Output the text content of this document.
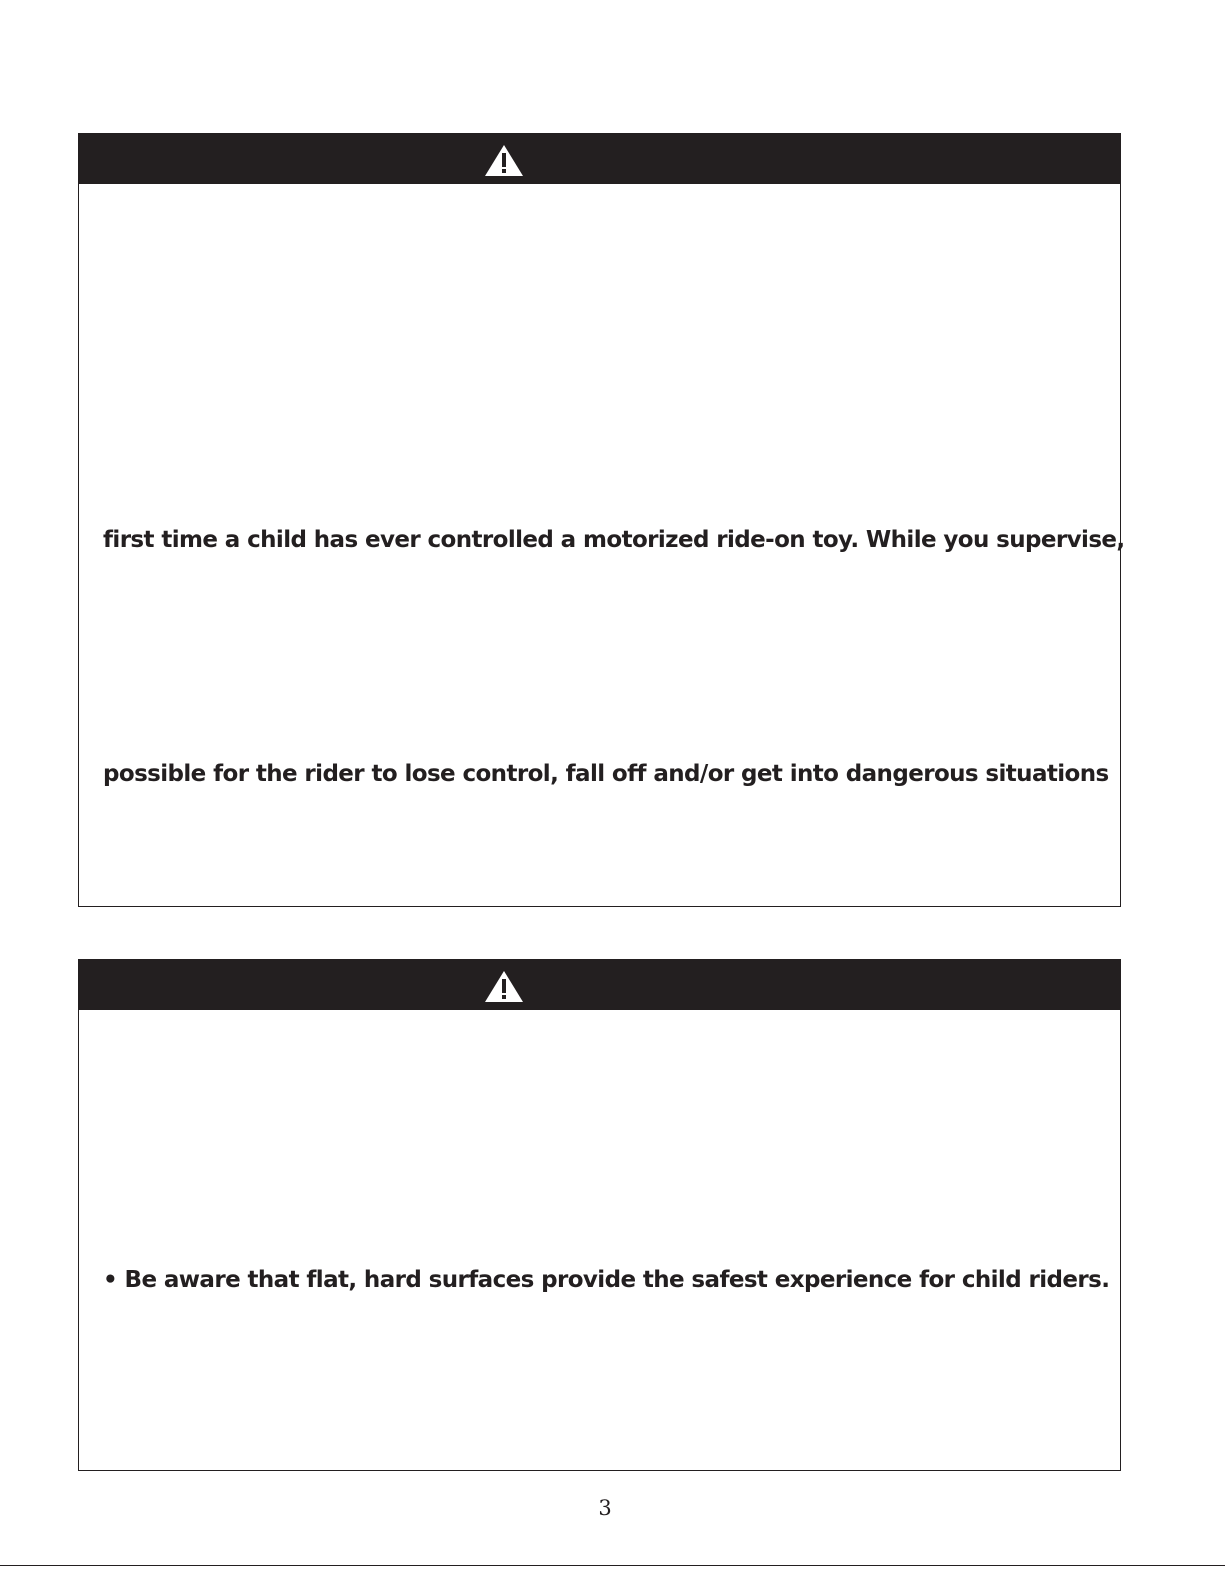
first time a child has ever controlled a motorized ride-on toy. While you supervise,

possible for the rider to lose control, fall off and/or get into dangerous situations

• Be aware that flat, hard surfaces provide the safest experience for child riders.

3
